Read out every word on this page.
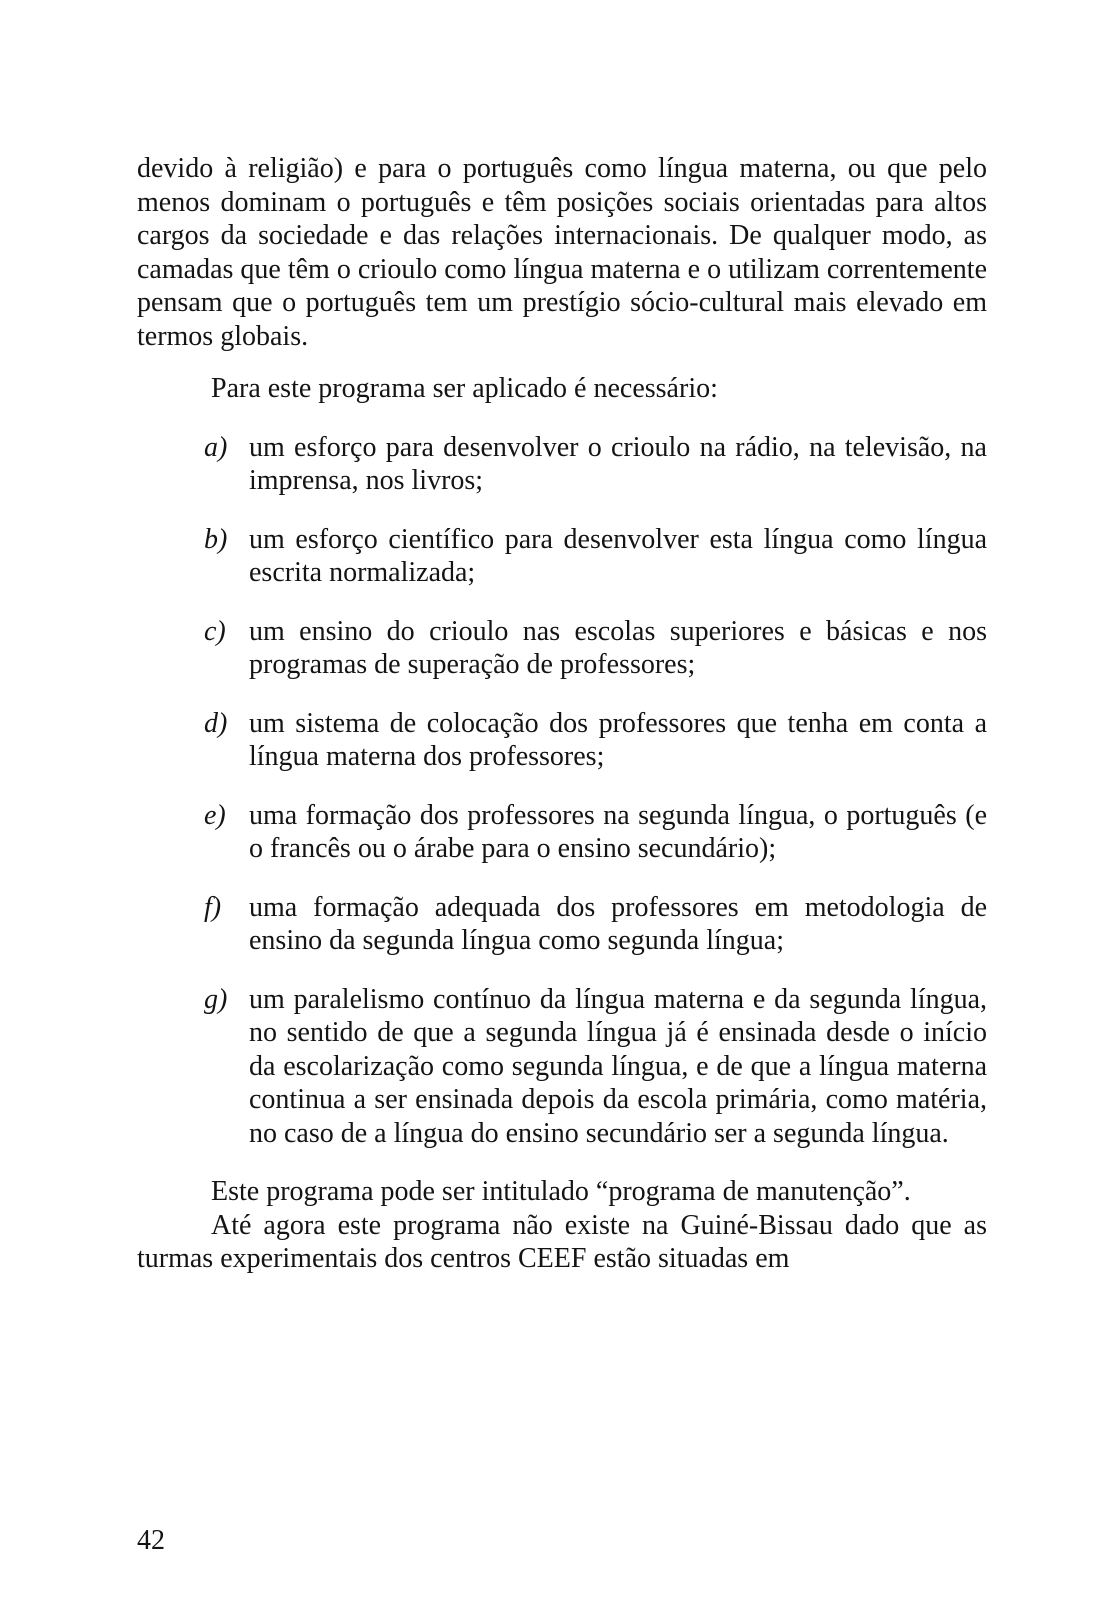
devido à religião) e para o português como língua materna, ou que pelo menos dominam o português e têm posições sociais orientadas para altos cargos da sociedade e das relações internacionais. De qualquer modo, as camadas que têm o crioulo como língua materna e o utilizam correntemente pensam que o português tem um prestígio sócio-cultural mais elevado em termos globais.

Para este programa ser aplicado é necessário:

a) um esforço para desenvolver o crioulo na rádio, na televisão, na imprensa, nos livros;
b) um esforço científico para desenvolver esta língua como língua escrita normalizada;
c) um ensino do crioulo nas escolas superiores e básicas e nos programas de superação de professores;
d) um sistema de colocação dos professores que tenha em conta a língua materna dos professores;
e) uma formação dos professores na segunda língua, o português (e o francês ou o árabe para o ensino secundário);
f) uma formação adequada dos professores em metodologia de ensino da segunda língua como segunda língua;
g) um paralelismo contínuo da língua materna e da segunda língua, no sentido de que a segunda língua já é ensinada desde o início da escolarização como segunda língua, e de que a língua materna continua a ser ensinada depois da escola primária, como matéria, no caso de a língua do ensino secundário ser a segunda língua.

Este programa pode ser intitulado “programa de manutenção”.

Até agora este programa não existe na Guiné-Bissau dado que as turmas experimentais dos centros CEEF estão situadas em

42
